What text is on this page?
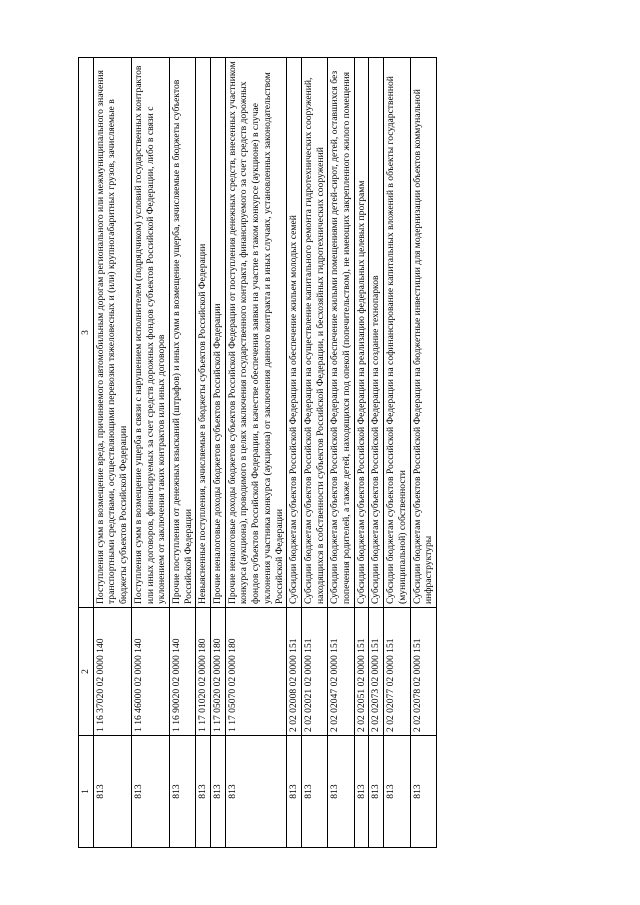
1	2	3
813	1 16 37020 02 0000 140	Поступления сумм в возмещение вреда, причиняемого автомобильным дорогам регионального или межмуниципального значения транспортными средствами, осуществляющими перевозки тяжеловесных и (или) крупногабаритных грузов, зачисляемые в бюджеты субъектов Российской Федерации
813	1 16 46000 02 0000 140	Поступления сумм в возмещение ущерба в связи с нарушением исполнителем (подрядчиком) условий государственных контрактов или иных договоров, финансируемых за счет средств дорожных фондов субъектов Российской Федерации, либо в связи с уклонением от заключения таких контрактов или иных договоров
813	1 16 90020 02 0000 140	Прочие поступления от денежных взысканий (штрафов) и иных сумм в возмещение ущерба, зачисляемые в бюджеты субъектов Российской Федерации
813	1 17 01020 02 0000 180	Невыясненные поступления, зачисляемые в бюджеты субъектов Российской Федерации
813	1 17 05020 02 0000 180	Прочие неналоговые доходы бюджетов субъектов Российской Федерации
813	1 17 05070 02 0000 180	Прочие неналоговые доходы бюджетов субъектов Российской Федерации от поступления денежных средств, внесенных участником конкурса (аукциона), проводимого в целях заключения государственного контракта, финансируемого за счет средств дорожных фондов субъектов Российской Федерации, в качестве обеспечения заявки на участие в таком конкурсе (аукционе) в случае уклонения участника конкурса (аукциона) от заключения данного контракта и в иных случаях, установленных законодательством Российской Федерации
813	2 02 02008 02 0000 151	Субсидии бюджетам субъектов Российской Федерации на обеспечение жильем молодых семей
813	2 02 02021 02 0000 151	Субсидии бюджетам субъектов Российской Федерации на осуществление капитального ремонта гидротехнических сооружений, находящихся в собственности субъектов Российской Федерации, и бесхозяйных гидротехнических сооружений
813	2 02 02047 02 0000 151	Субсидии бюджетам субъектов Российской Федерации на обеспечение жилыми помещениями детей-сирот, детей, оставшихся без попечения родителей, а также детей, находящихся под опекой (попечительством), не имеющих закрепленного жилого помещения
813	2 02 02051 02 0000 151	Субсидии бюджетам субъектов Российской Федерации на реализацию федеральных целевых программ
813	2 02 02073 02 0000 151	Субсидии бюджетам субъектов Российской Федерации на создание технопарков
813	2 02 02077 02 0000 151	Субсидии бюджетам субъектов Российской Федерации на софинансирование капитальных вложений в объекты государственной (муниципальной) собственности
813	2 02 02078 02 0000 151	Субсидии бюджетам субъектов Российской Федерации на бюджетные инвестиции для модернизации объектов коммунальной инфраструктуры
